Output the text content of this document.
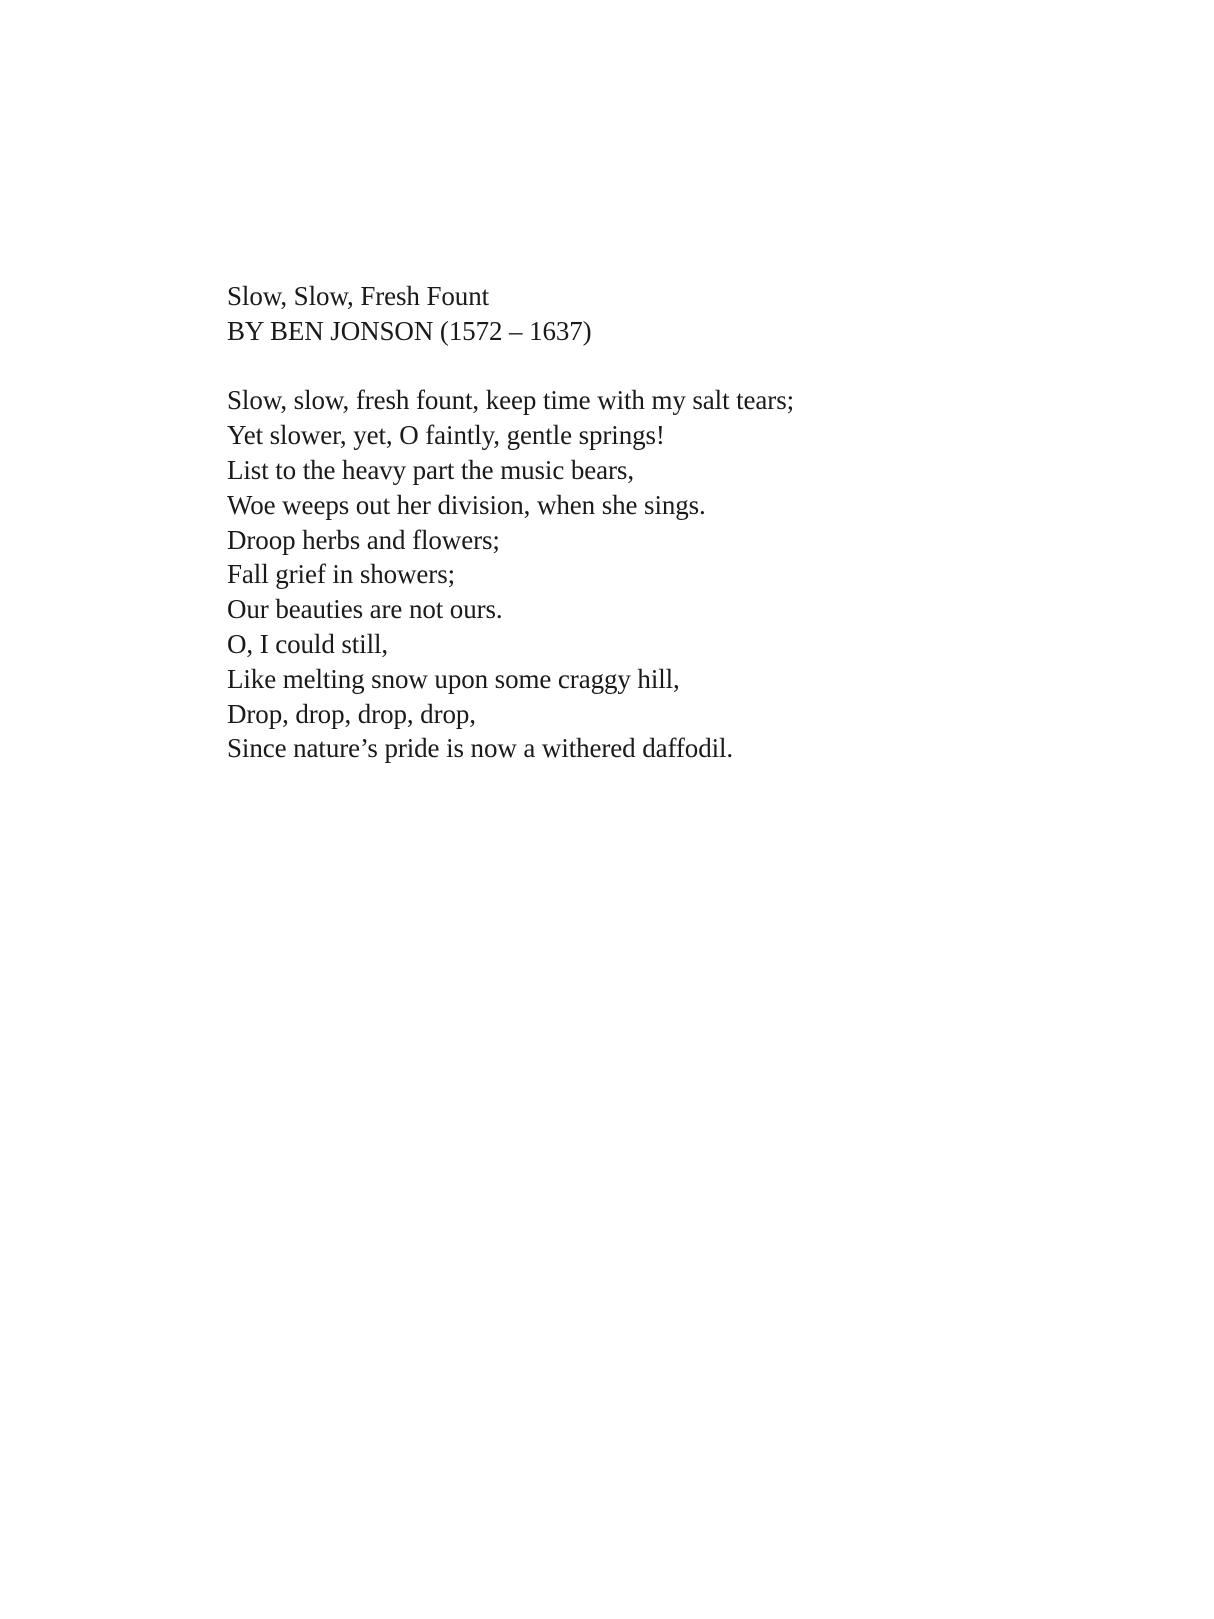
Slow, Slow, Fresh Fount
BY BEN JONSON (1572 – 1637)
Slow, slow, fresh fount, keep time with my salt tears;
Yet slower, yet, O faintly, gentle springs!
List to the heavy part the music bears,
Woe weeps out her division, when she sings.
Droop herbs and flowers;
Fall grief in showers;
Our beauties are not ours.
O, I could still,
Like melting snow upon some craggy hill,
Drop, drop, drop, drop,
Since nature’s pride is now a withered daffodil.
